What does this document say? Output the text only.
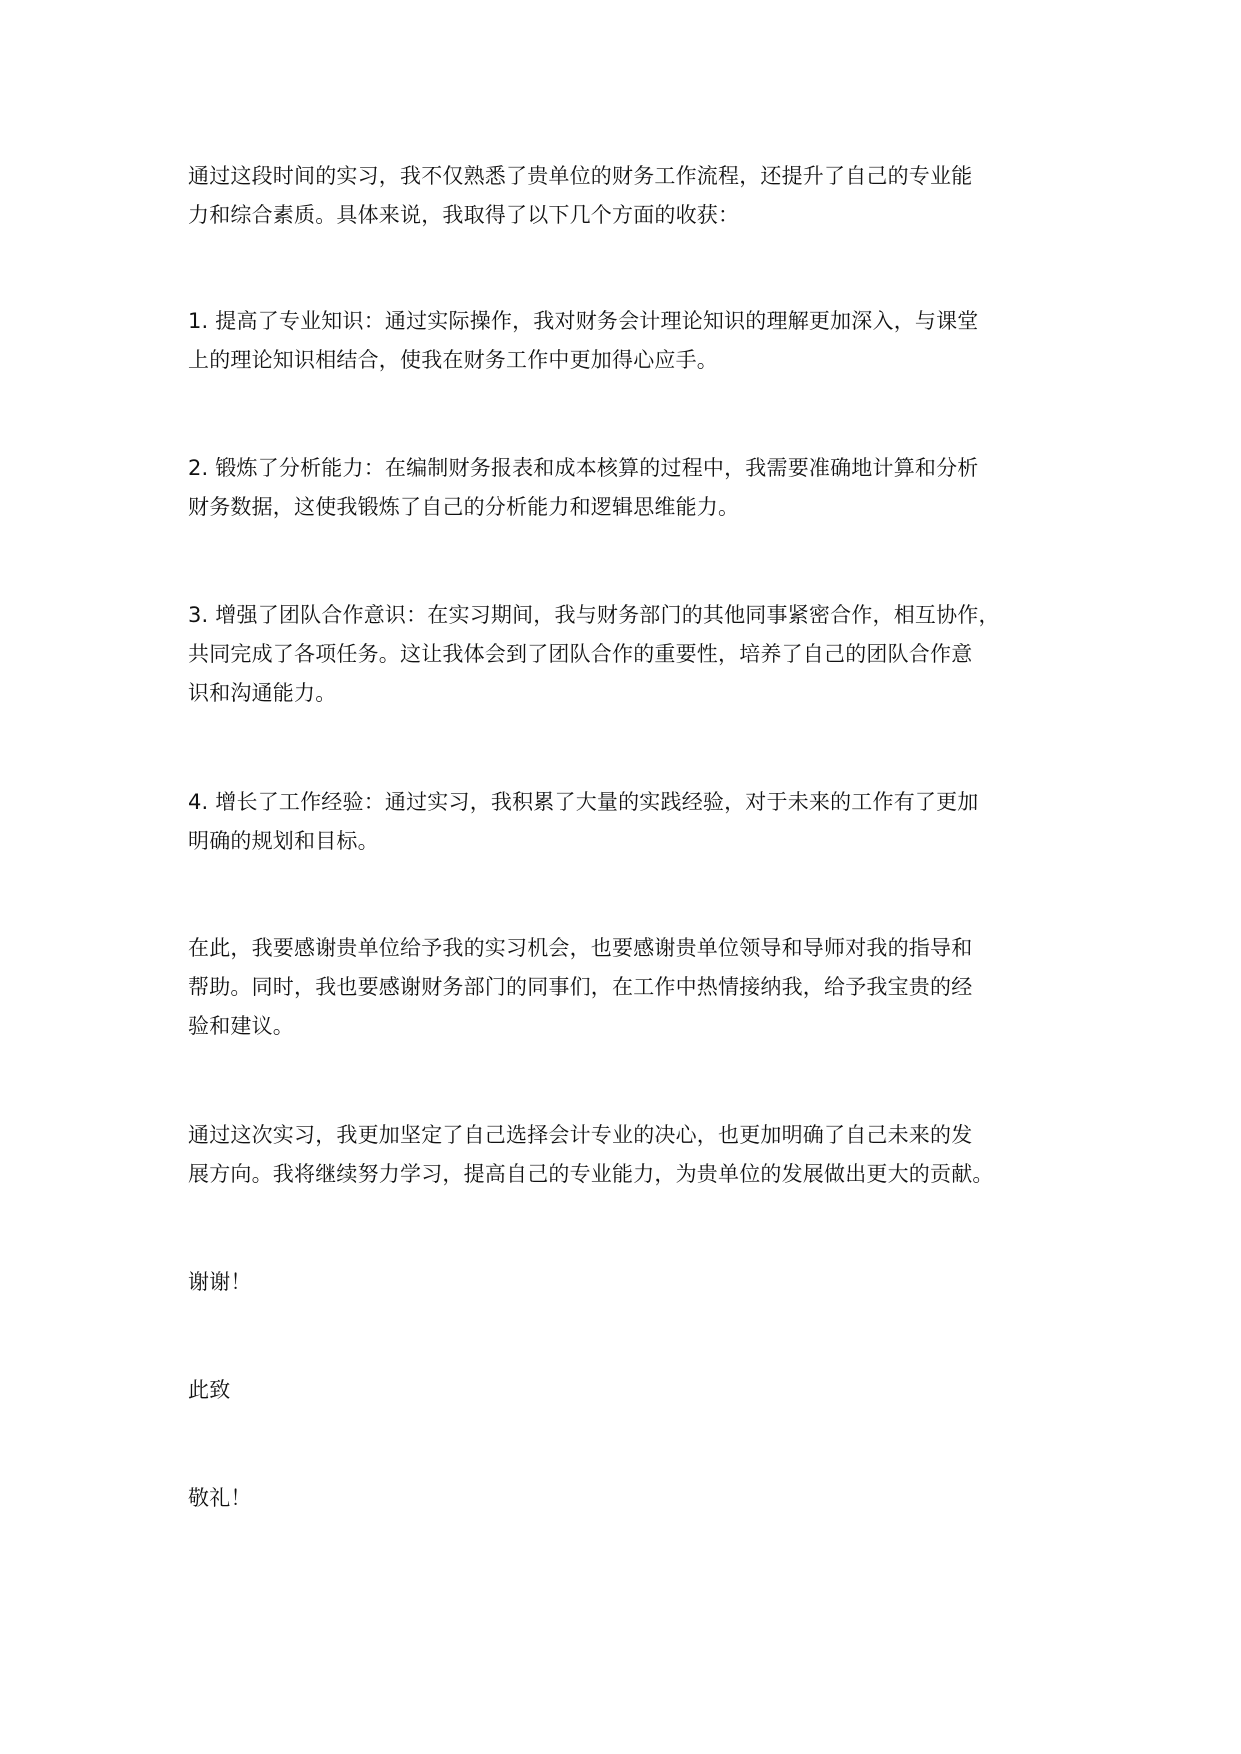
通过这段时间的实习，我不仅熟悉了贵单位的财务工作流程，还提升了自己的专业能
力和综合素质。具体来说，我取得了以下几个方面的收获：

1. 提高了专业知识：通过实际操作，我对财务会计理论知识的理解更加深入，与课堂
上的理论知识相结合，使我在财务工作中更加得心应手。

2. 锻炼了分析能力：在编制财务报表和成本核算的过程中，我需要准确地计算和分析
财务数据，这使我锻炼了自己的分析能力和逻辑思维能力。

3. 增强了团队合作意识：在实习期间，我与财务部门的其他同事紧密合作，相互协作，
共同完成了各项任务。这让我体会到了团队合作的重要性，培养了自己的团队合作意
识和沟通能力。

4. 增长了工作经验：通过实习，我积累了大量的实践经验，对于未来的工作有了更加
明确的规划和目标。

在此，我要感谢贵单位给予我的实习机会，也要感谢贵单位领导和导师对我的指导和
帮助。同时，我也要感谢财务部门的同事们，在工作中热情接纳我，给予我宝贵的经
验和建议。

通过这次实习，我更加坚定了自己选择会计专业的决心，也更加明确了自己未来的发
展方向。我将继续努力学习，提高自己的专业能力，为贵单位的发展做出更大的贡献。

谢谢！

此致

敬礼！
